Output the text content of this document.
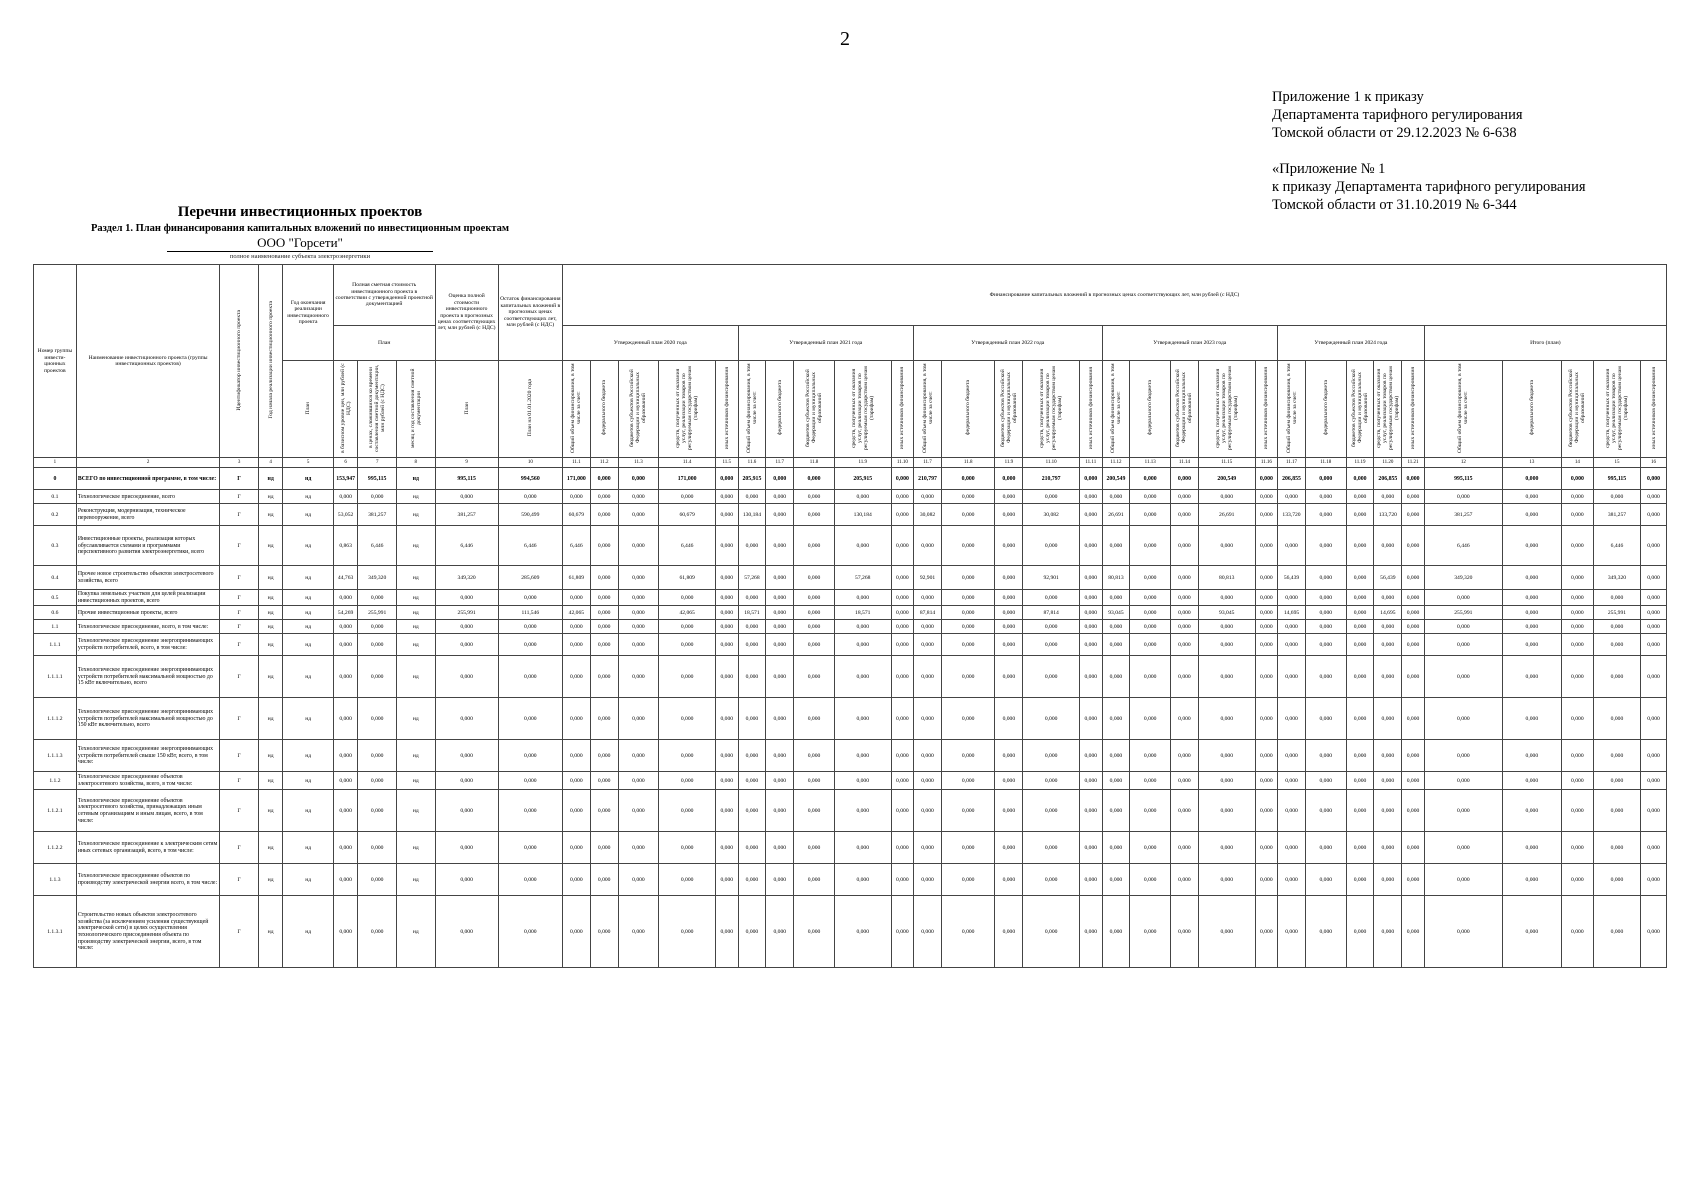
2
Приложение 1 к приказу
Департамента тарифного регулирования
Томской области от 29.12.2023 № 6-638
«Приложение № 1
к приказу Департамента тарифного регулирования
Томской области от 31.10.2019 № 6-344
Перечни инвестиционных проектов
Раздел 1. План финансирования капитальных вложений по инвестиционным проектам
ООО "Горсети"
полное наименование субъекта электроэнергетики
Номер группы инвести-ционных проектов	Наименование инвестиционного проекта (группы инвестиционных проектов)	Идентификатор инвестиционного проекта	Год начала реализации инвестиционного проекта	Год окончания реализации инвестиционного проекта	Полная сметная стоимость инвестиционного проекта в соответствии с утвержденной проектной документацией			Оценка полной стоимости инвестиционного проекта в прогнозных ценах соответствующих лет, млн рублей (с НДС)	Остаток финансирования капитальных вложений в прогнозных ценах соответствующих лет, млн рублей (с НДС)	Финансирование капитальных вложений в прогнозных ценах соответствующих лет, млн рублей (с НДС)																													
					План					Утвержденный план 2020 года					Утвержденный план 2021 года					Утвержденный план 2022 года					Утвержденный план 2023 года					Утвержденный план 2024 года					Итого (план)				
				План	в базисном уровне цен, млн рублей (с НДС)	в ценах, сложившихся ко времени составления сметной документации, млн рублей (с НДС)	месяц и год составления сметной документации	План	План на 01.01.2020 года	Общий объем финансирования, в том числе за счет:	федерального бюджета	бюджетов субъектов Российской Федерации и муниципальных образований	средств, полученных от оказания услуг, реализации товаров по регулируемым государством ценам (тарифам)	иных источников финансирования	Общий объем финансирования, в том числе за счет:	федерального бюджета	бюджетов субъектов Российской Федерации и муниципальных образований	средств, полученных от оказания услуг, реализации товаров по регулируемым государством ценам (тарифам)	иных источников финансирования	Общий объем финансирования, в том числе за счет:	федерального бюджета	бюджетов субъектов Российской Федерации и муниципальных образований	средств, полученных от оказания услуг, реализации товаров по регулируемым государством ценам (тарифам)	иных источников финансирования	Общий объем финансирования, в том числе за счет:	федерального бюджета	бюджетов субъектов Российской Федерации и муниципальных образований	средств, полученных от оказания услуг, реализации товаров по регулируемым государством ценам (тарифам)	иных источников финансирования	Общий объем финансирования, в том числе за счет:	федерального бюджета	бюджетов субъектов Российской Федерации и муниципальных образований	средств, полученных от оказания услуг, реализации товаров по регулируемым государством ценам (тарифам)	иных источников финансирования	Общий объем финансирования, в том числе за счет:	федерального бюджета	бюджетов субъектов Российской Федерации и муниципальных образований	средств, полученных от оказания услуг, реализации товаров по регулируемым государством ценам (тарифам)	иных источников финансирования
1	2	3	4	5	6	7	8	9	10	11.1	11.2	11.3	11.4	11.5	11.6	11.7	11.8	11.9	11.10	11.7	11.8	11.9	11.10	11.11	11.12	11.13	11.14	11.15	11.16	11.17	11.18	11.19	11.20	11.21	12	13	14	15	16
0	ВСЕГО по инвестиционной программе, в том числе:	Г	нд	нд	153,947	995,115	нд	995,115	994,560	171,000	0,000	0,000	171,000	0,000	205,915	0,000	0,000	205,915	0,000	210,797	0,000	0,000	210,797	0,000	200,549	0,000	0,000	200,549	0,000	206,855	0,000	0,000	206,855	0,000	995,115	0,000	0,000	995,115	0,000
0.1	Технологическое присоединение, всего	Г	нд	нд	0,000	0,000	нд	0,000	0,000	0,000	0,000	0,000	0,000	0,000	0,000	0,000	0,000	0,000	0,000	0,000	0,000	0,000	0,000	0,000	0,000	0,000	0,000	0,000	0,000	0,000	0,000	0,000	0,000	0,000	0,000	0,000	0,000	0,000	0,000
0.2	Реконструкция, модернизация, техническое перевооружение, всего	Г	нд	нд	53,052	381,257	нд	381,257	590,499	60,679	0,000	0,000	60,679	0,000	130,184	0,000	0,000	130,184	0,000	30,082	0,000	0,000	30,082	0,000	26,691	0,000	0,000	26,691	0,000	133,720	0,000	0,000	133,720	0,000	381,257	0,000	0,000	381,257	0,000
0.3	Инвестиционные проекты, реализация которых обуславливается схемами и программами перспективного развития электроэнергетики, всего	Г	нд	нд	0,863	6,446	нд	6,446	6,446	6,446	0,000	0,000	6,446	0,000	0,000	0,000	0,000	0,000	0,000	0,000	0,000	0,000	0,000	0,000	0,000	0,000	0,000	0,000	0,000	0,000	0,000	0,000	0,000	0,000	6,446	0,000	0,000	6,446	0,000
0.4	Прочее новое строительство объектов электросетевого хозяйства, всего	Г	нд	нд	44,763	349,320	нд	349,320	285,609	61,809	0,000	0,000	61,809	0,000	57,268	0,000	0,000	57,268	0,000	92,901	0,000	0,000	92,901	0,000	80,813	0,000	0,000	80,813	0,000	56,439	0,000	0,000	56,439	0,000	349,320	0,000	0,000	349,320	0,000
0.5	Покупка земельных участков для целей реализации инвестиционных проектов, всего	Г	нд	нд	0,000	0,000	нд	0,000	0,000	0,000	0,000	0,000	0,000	0,000	0,000	0,000	0,000	0,000	0,000	0,000	0,000	0,000	0,000	0,000	0,000	0,000	0,000	0,000	0,000	0,000	0,000	0,000	0,000	0,000	0,000	0,000	0,000	0,000	0,000
0.6	Прочие инвестиционные проекты, всего	Г	нд	нд	54,269	255,991	нд	255,991	111,546	42,065	0,000	0,000	42,065	0,000	18,571	0,000	0,000	18,571	0,000	87,814	0,000	0,000	87,814	0,000	93,045	0,000	0,000	93,045	0,000	14,695	0,000	0,000	14,695	0,000	255,991	0,000	0,000	255,991	0,000
1.1	Технологическое присоединение, всего, в том числе:	Г	нд	нд	0,000	0,000	нд	0,000	0,000	0,000	0,000	0,000	0,000	0,000	0,000	0,000	0,000	0,000	0,000	0,000	0,000	0,000	0,000	0,000	0,000	0,000	0,000	0,000	0,000	0,000	0,000	0,000	0,000	0,000	0,000	0,000	0,000	0,000	0,000
1.1.1	Технологическое присоединение энергопринимающих устройств потребителей, всего, в том числе:	Г	нд	нд	0,000	0,000	нд	0,000	0,000	0,000	0,000	0,000	0,000	0,000	0,000	0,000	0,000	0,000	0,000	0,000	0,000	0,000	0,000	0,000	0,000	0,000	0,000	0,000	0,000	0,000	0,000	0,000	0,000	0,000	0,000	0,000	0,000	0,000	0,000
1.1.1.1	Технологическое присоединение энергопринимающих устройств потребителей максимальной мощностью до 15 кВт включительно, всего	Г	нд	нд	0,000	0,000	нд	0,000	0,000	0,000	0,000	0,000	0,000	0,000	0,000	0,000	0,000	0,000	0,000	0,000	0,000	0,000	0,000	0,000	0,000	0,000	0,000	0,000	0,000	0,000	0,000	0,000	0,000	0,000	0,000	0,000	0,000	0,000	0,000
1.1.1.2	Технологическое присоединение энергопринимающих устройств потребителей максимальной мощностью до 150 кВт включительно, всего	Г	нд	нд	0,000	0,000	нд	0,000	0,000	0,000	0,000	0,000	0,000	0,000	0,000	0,000	0,000	0,000	0,000	0,000	0,000	0,000	0,000	0,000	0,000	0,000	0,000	0,000	0,000	0,000	0,000	0,000	0,000	0,000	0,000	0,000	0,000	0,000	0,000
1.1.1.3	Технологическое присоединение энергопринимающих устройств потребителей свыше 150 кВт, всего, в том числе:	Г	нд	нд	0,000	0,000	нд	0,000	0,000	0,000	0,000	0,000	0,000	0,000	0,000	0,000	0,000	0,000	0,000	0,000	0,000	0,000	0,000	0,000	0,000	0,000	0,000	0,000	0,000	0,000	0,000	0,000	0,000	0,000	0,000	0,000	0,000	0,000	0,000
1.1.2	Технологическое присоединение объектов электросетевого хозяйства, всего, в том числе:	Г	нд	нд	0,000	0,000	нд	0,000	0,000	0,000	0,000	0,000	0,000	0,000	0,000	0,000	0,000	0,000	0,000	0,000	0,000	0,000	0,000	0,000	0,000	0,000	0,000	0,000	0,000	0,000	0,000	0,000	0,000	0,000	0,000	0,000	0,000	0,000	0,000
1.1.2.1	Технологическое присоединение объектов электросетевого хозяйства, принадлежащих иным сетевым организациям и иным лицам, всего, в том числе:	Г	нд	нд	0,000	0,000	нд	0,000	0,000	0,000	0,000	0,000	0,000	0,000	0,000	0,000	0,000	0,000	0,000	0,000	0,000	0,000	0,000	0,000	0,000	0,000	0,000	0,000	0,000	0,000	0,000	0,000	0,000	0,000	0,000	0,000	0,000	0,000	0,000
1.1.2.2	Технологическое присоединение к электрическим сетям иных сетевых организаций, всего, в том числе:	Г	нд	нд	0,000	0,000	нд	0,000	0,000	0,000	0,000	0,000	0,000	0,000	0,000	0,000	0,000	0,000	0,000	0,000	0,000	0,000	0,000	0,000	0,000	0,000	0,000	0,000	0,000	0,000	0,000	0,000	0,000	0,000	0,000	0,000	0,000	0,000	0,000
1.1.3	Технологическое присоединение объектов по производству электрической энергии всего, в том числе:	Г	нд	нд	0,000	0,000	нд	0,000	0,000	0,000	0,000	0,000	0,000	0,000	0,000	0,000	0,000	0,000	0,000	0,000	0,000	0,000	0,000	0,000	0,000	0,000	0,000	0,000	0,000	0,000	0,000	0,000	0,000	0,000	0,000	0,000	0,000	0,000	0,000
1.1.3.1	Строительство новых объектов электросетевого хозяйства (за исключением усиления существующей электрической сети) в целях осуществления технологического присоединения объекта по производству электрической энергии, всего, в том числе:	Г	нд	нд	0,000	0,000	нд	0,000	0,000	0,000	0,000	0,000	0,000	0,000	0,000	0,000	0,000	0,000	0,000	0,000	0,000	0,000	0,000	0,000	0,000	0,000	0,000	0,000	0,000	0,000	0,000	0,000	0,000	0,000	0,000	0,000	0,000	0,000	0,000
